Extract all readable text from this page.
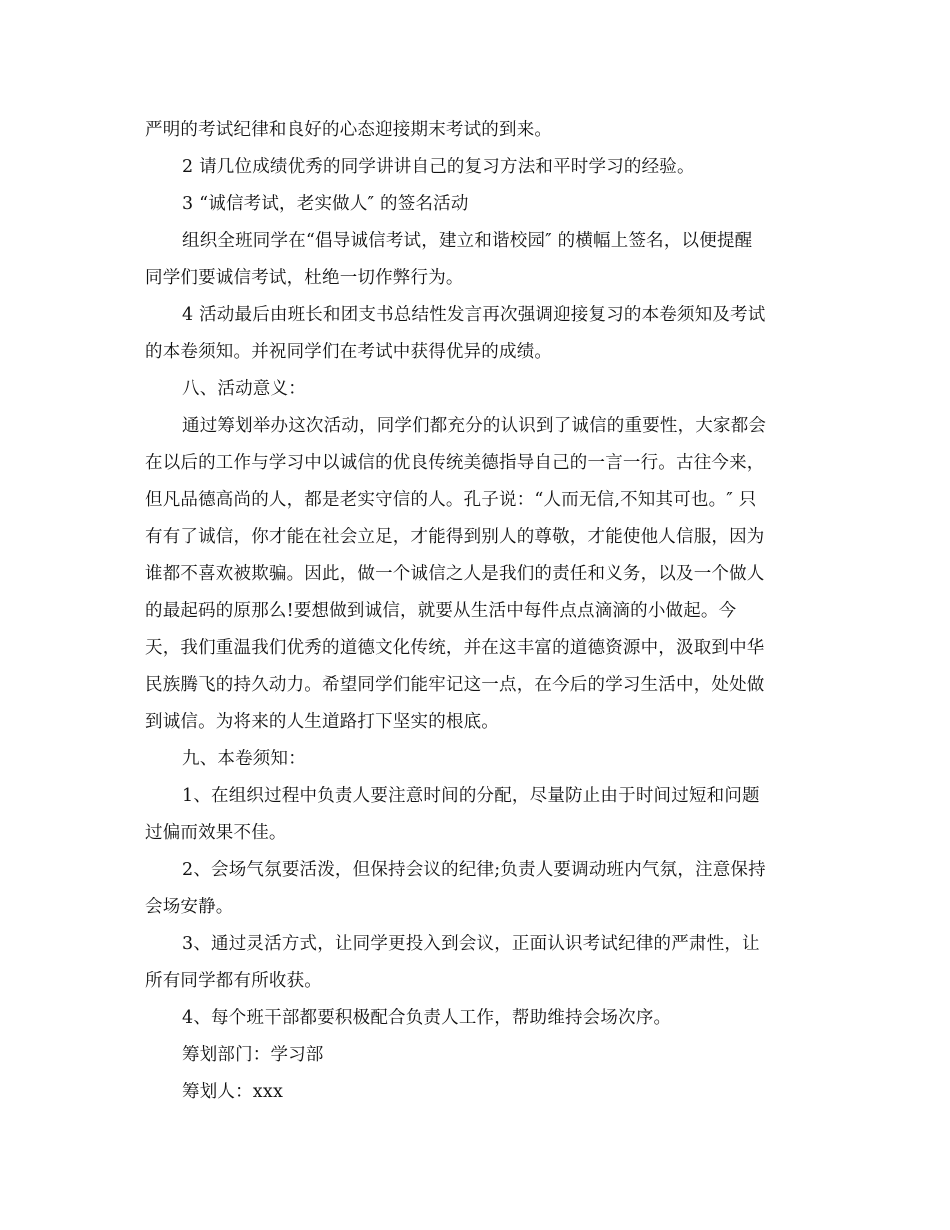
严明的考试纪律和良好的心态迎接期末考试的到来。
2 请几位成绩优秀的同学讲讲自己的复习方法和平时学习的经验。
3 “诚信考试，老实做人″ 的签名活动
组织全班同学在“倡导诚信考试，建立和谐校园″ 的横幅上签名，以便提醒
同学们要诚信考试，杜绝一切作弊行为。
4 活动最后由班长和团支书总结性发言再次强调迎接复习的本卷须知及考试
的本卷须知。并祝同学们在考试中获得优异的成绩。
八、活动意义：
通过筹划举办这次活动，同学们都充分的认识到了诚信的重要性，大家都会
在以后的工作与学习中以诚信的优良传统美德指导自己的一言一行。古往今来，
但凡品德高尚的人，都是老实守信的人。孔子说：“人而无信,不知其可也。″ 只
有有了诚信，你才能在社会立足，才能得到别人的尊敬，才能使他人信服，因为
谁都不喜欢被欺骗。因此，做一个诚信之人是我们的责任和义务，以及一个做人
的最起码的原那么!要想做到诚信，就要从生活中每件点点滴滴的小做起。今
天，我们重温我们优秀的道德文化传统，并在这丰富的道德资源中，汲取到中华
民族腾飞的持久动力。希望同学们能牢记这一点，在今后的学习生活中，处处做
到诚信。为将来的人生道路打下坚实的根底。
九、本卷须知：
1、在组织过程中负责人要注意时间的分配，尽量防止由于时间过短和问题
过偏而效果不佳。
2、会场气氛要活泼，但保持会议的纪律;负责人要调动班内气氛，注意保持
会场安静。
3、通过灵活方式，让同学更投入到会议，正面认识考试纪律的严肃性，让
所有同学都有所收获。
4、每个班干部都要积极配合负责人工作，帮助维持会场次序。
筹划部门：学习部
筹划人：xxx
